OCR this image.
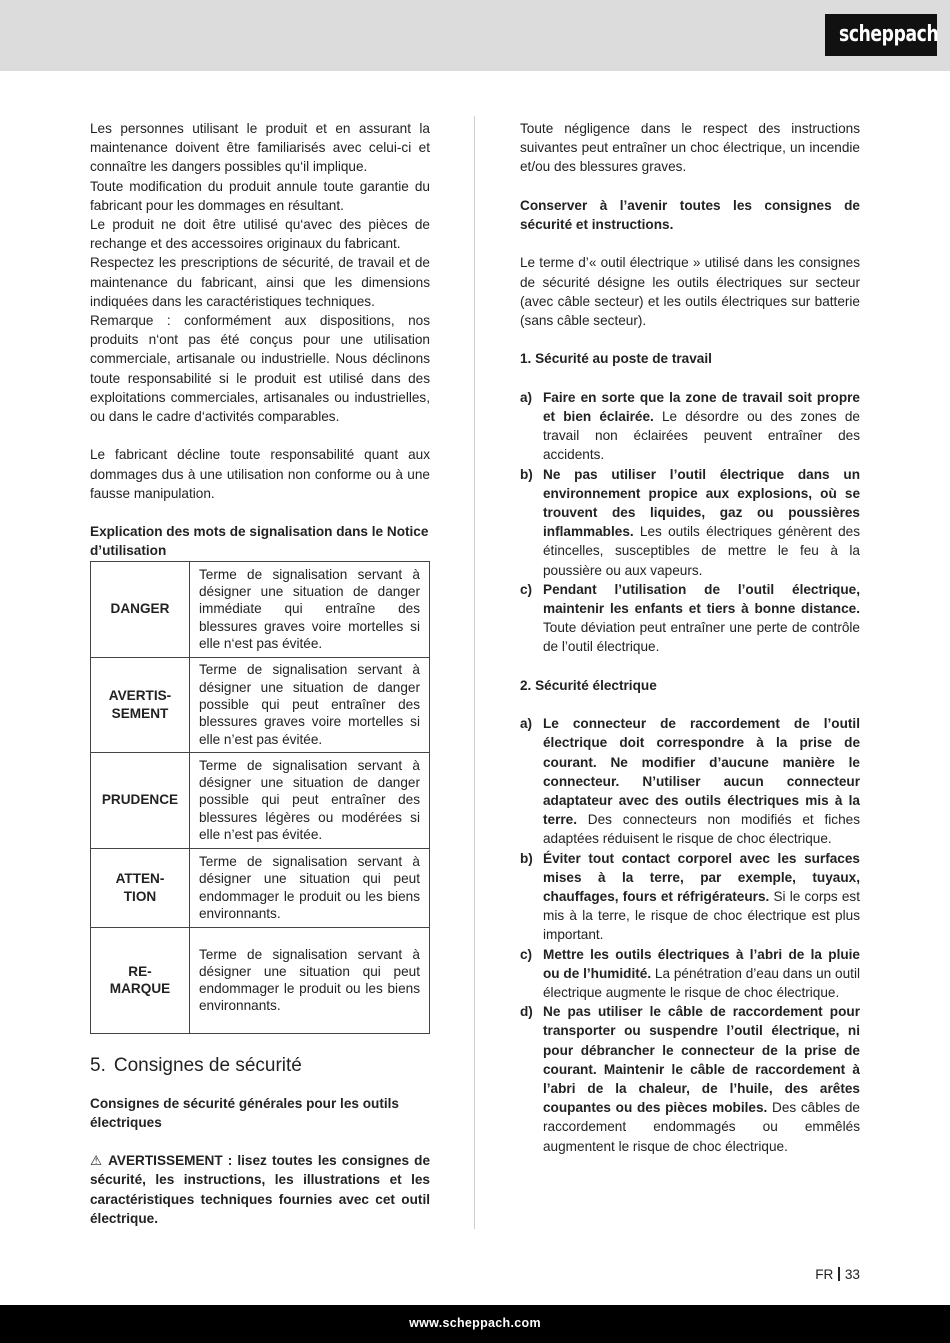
scheppach

Les personnes utilisant le produit et en assurant la maintenance doivent être familiarisés avec celui-ci et connaître les dangers possibles qu‘il implique.

Toute modification du produit annule toute garantie du fabricant pour les dommages en résultant.

Le produit ne doit être utilisé qu‘avec des pièces de rechange et des accessoires originaux du fabricant.

Respectez les prescriptions de sécurité, de travail et de maintenance du fabricant, ainsi que les dimensions indiquées dans les caractéristiques techniques.

Remarque : conformément aux dispositions, nos produits n‘ont pas été conçus pour une utilisation commerciale, artisanale ou industrielle. Nous déclinons toute responsabilité si le produit est utilisé dans des exploitations commerciales, artisanales ou industrielles, ou dans le cadre d‘activités comparables.

Le fabricant décline toute responsabilité quant aux dommages dus à une utilisation non conforme ou à une fausse manipulation.

Explication des mots de signalisation dans le Notice d’utilisation

DANGER	Terme de signalisation servant à désigner une situation de danger immédiate qui entraîne des blessures graves voire mortelles si elle n‘est pas évitée.
AVERTIS-
SEMENT	Terme de signalisation servant à désigner une situation de danger possible qui peut entraîner des blessures graves voire mortelles si elle n’est pas évitée.
PRUDENCE	Terme de signalisation servant à désigner une situation de danger possible qui peut entraîner des blessures légères ou modérées si elle n’est pas évitée.
ATTEN-
TION	Terme de signalisation servant à désigner une situation qui peut endommager le produit ou les biens environnants.
RE-
MARQUE	Terme de signalisation servant à désigner une situation qui peut endommager le produit ou les biens environnants.
5. Consignes de sécurité

Consignes de sécurité générales pour les outils électriques

⚠ AVERTISSEMENT : lisez toutes les consignes de sécurité, les instructions, les illustrations et les caractéristiques techniques fournies avec cet outil électrique.

Toute négligence dans le respect des instructions suivantes peut entraîner un choc électrique, un incendie et/ou des blessures graves.

Conserver à l’avenir toutes les consignes de sécurité et instructions.

Le terme d’« outil électrique » utilisé dans les consignes de sécurité désigne les outils électriques sur secteur (avec câble secteur) et les outils électriques sur batterie (sans câble secteur).

1. Sécurité au poste de travail

a) Faire en sorte que la zone de travail soit propre et bien éclairée. Le désordre ou des zones de travail non éclairées peuvent entraîner des accidents.
b) Ne pas utiliser l’outil électrique dans un environnement propice aux explosions, où se trouvent des liquides, gaz ou poussières inflammables. Les outils électriques génèrent des étincelles, susceptibles de mettre le feu à la poussière ou aux vapeurs.
c) Pendant l’utilisation de l’outil électrique, maintenir les enfants et tiers à bonne distance. Toute déviation peut entraîner une perte de contrôle de l’outil électrique.

2. Sécurité électrique

a) Le connecteur de raccordement de l’outil électrique doit correspondre à la prise de courant. Ne modifier d’aucune manière le connecteur. N’utiliser aucun connecteur adaptateur avec des outils électriques mis à la terre. Des connecteurs non modifiés et fiches adaptées réduisent le risque de choc électrique.
b) Éviter tout contact corporel avec les surfaces mises à la terre, par exemple, tuyaux, chauffages, fours et réfrigérateurs. Si le corps est mis à la terre, le risque de choc électrique est plus important.
c) Mettre les outils électriques à l’abri de la pluie ou de l’humidité. La pénétration d’eau dans un outil électrique augmente le risque de choc électrique.
d) Ne pas utiliser le câble de raccordement pour transporter ou suspendre l’outil électrique, ni pour débrancher le connecteur de la prise de courant. Maintenir le câble de raccordement à l’abri de la chaleur, de l’huile, des arêtes coupantes ou des pièces mobiles. Des câbles de raccordement endommagés ou emmêlés augmentent le risque de choc électrique.
FR 33
www.scheppach.com
